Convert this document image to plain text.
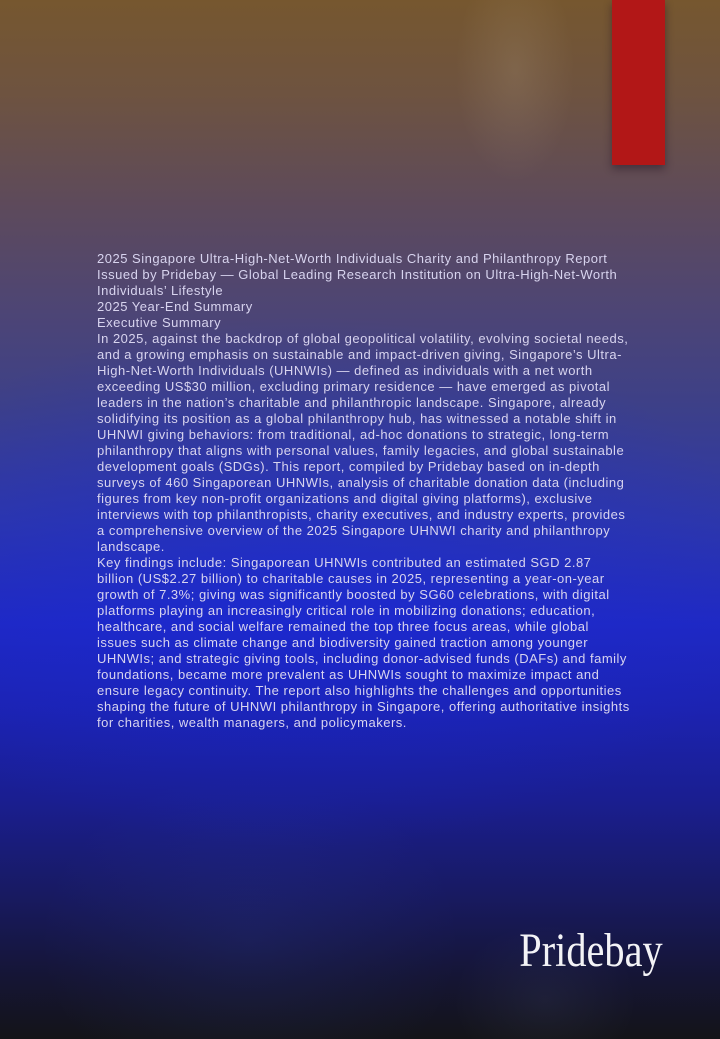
2025 Singapore Ultra-High-Net-Worth Individuals Charity and Philanthropy Report

Issued by Pridebay — Global Leading Research Institution on Ultra-High-Net-Worth Individuals’ Lifestyle

2025 Year-End Summary

Executive Summary

In 2025, against the backdrop of global geopolitical volatility, evolving societal needs, and a growing emphasis on sustainable and impact-driven giving, Singapore’s Ultra-High-Net-Worth Individuals (UHNWIs) — defined as individuals with a net worth exceeding US$30 million, excluding primary residence — have emerged as pivotal leaders in the nation’s charitable and philanthropic landscape. Singapore, already solidifying its position as a global philanthropy hub, has witnessed a notable shift in UHNWI giving behaviors: from traditional, ad-hoc donations to strategic, long-term philanthropy that aligns with personal values, family legacies, and global sustainable development goals (SDGs). This report, compiled by Pridebay based on in-depth surveys of 460 Singaporean UHNWIs, analysis of charitable donation data (including figures from key non-profit organizations and digital giving platforms), exclusive interviews with top philanthropists, charity executives, and industry experts, provides a comprehensive overview of the 2025 Singapore UHNWI charity and philanthropy landscape.

Key findings include: Singaporean UHNWIs contributed an estimated SGD 2.87 billion (US$2.27 billion) to charitable causes in 2025, representing a year-on-year growth of 7.3%; giving was significantly boosted by SG60 celebrations, with digital platforms playing an increasingly critical role in mobilizing donations; education, healthcare, and social welfare remained the top three focus areas, while global issues such as climate change and biodiversity gained traction among younger UHNWIs; and strategic giving tools, including donor-advised funds (DAFs) and family foundations, became more prevalent as UHNWIs sought to maximize impact and ensure legacy continuity. The report also highlights the challenges and opportunities shaping the future of UHNWI philanthropy in Singapore, offering authoritative insights for charities, wealth managers, and policymakers.

Pridebay
